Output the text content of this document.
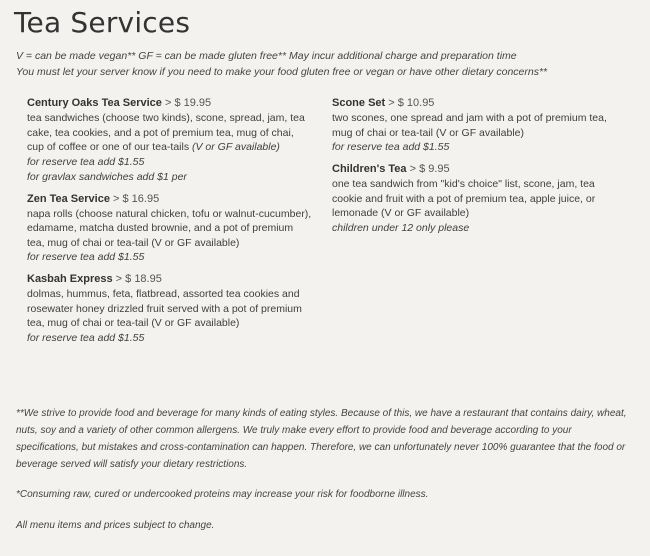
Tea Services
V = can be made vegan** GF = can be made gluten free** May incur additional charge and preparation time
You must let your server know if you need to make your food gluten free or vegan or have other dietary concerns**
Century Oaks Tea Service > $ 19.95
tea sandwiches (choose two kinds), scone, spread, jam, tea cake, tea cookies, and a pot of premium tea, mug of chai, cup of coffee or one of our tea-tails (V or GF available)
for reserve tea add $1.55
for gravlax sandwiches add $1 per
Zen Tea Service > $ 16.95
napa rolls (choose natural chicken, tofu or walnut-cucumber), edamame, matcha dusted brownie, and a pot of premium tea, mug of chai or tea-tail (V or GF available)
for reserve tea add $1.55
Kasbah Express > $ 18.95
dolmas, hummus, feta, flatbread, assorted tea cookies and rosewater honey drizzled fruit served with a pot of premium tea, mug of chai or tea-tail (V or GF available)
for reserve tea add $1.55
Scone Set > $ 10.95
two scones, one spread and jam with a pot of premium tea, mug of chai or tea-tail (V or GF available)
for reserve tea add $1.55
Children's Tea > $ 9.95
one tea sandwich from "kid's choice" list, scone, jam, tea cookie and fruit with a pot of premium tea, apple juice, or lemonade (V or GF available)
children under 12 only please
**We strive to provide food and beverage for many kinds of eating styles. Because of this, we have a restaurant that contains dairy, wheat, nuts, soy and a variety of other common allergens. We truly make every effort to provide food and beverage according to your specifications, but mistakes and cross-contamination can happen. Therefore, we can unfortunately never 100% guarantee that the food or beverage served will satisfy your dietary restrictions.
*Consuming raw, cured or undercooked proteins may increase your risk for foodborne illness.
All menu items and prices subject to change.
